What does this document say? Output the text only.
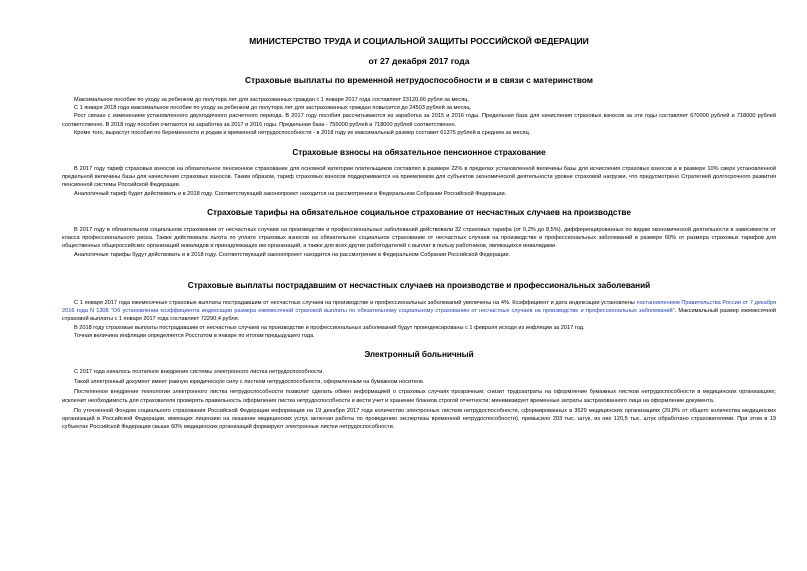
МИНИСТЕРСТВО ТРУДА И СОЦИАЛЬНОЙ ЗАЩИТЫ РОССИЙСКОЙ ФЕДЕРАЦИИ
от 27 декабря 2017 года
Страховые выплаты по временной нетрудоспособности и в связи с материнством

Максимальное пособие по уходу за ребенком до полутора лет для застрахованных граждан с 1 января 2017 года составляет 23120,66 рубля за месяц.

С 1 января 2018 года максимальное пособие по уходу за ребенком до полутора лет для застрахованных граждан повысится до 24503 рублей за месяц.

Рост связан с изменением установленного двухгодичного расчетного периода. В 2017 году пособия рассчитываются из заработка за 2015 и 2016 годы. Предельная база для начисления страховых взносов за эти годы составляет 670000 рублей и 718000 рублей соответственно. В 2018 году пособия считаются из заработка за 2017 и 2016 годы. Предельная база - 755000 рублей и 718000 рублей соответственно.

Кроме того, вырастут пособия по беременности и родам и временной нетрудоспособности - в 2018 году их максимальный размер составит 61375 рублей в среднем за месяц.

Страховые взносы на обязательное пенсионное страхование

В 2017 году тариф страховых взносов на обязательное пенсионное страхование для основной категории плательщиков составлял в размере 22% в пределах установленной величины базы для исчисления страховых взносов и в размере 10% сверх установленной предельной величины базы для начисления страховых взносов. Таким образом, тариф страховых взносов поддерживается на приемлемом для субъектов экономической деятельности уровне страховой нагрузки, что предусмотрено Стратегией долгосрочного развития пенсионной системы Российской Федерации.

Аналогичный тариф будет действовать и в 2018 году. Соответствующий законопроект находится на рассмотрении в Федеральном Собрании Российской Федерации.

Страховые тарифы на обязательное социальное страхование от несчастных случаев на производстве

В 2017 году в обязательном социальном страховании от несчастных случаев на производстве и профессиональных заболеваний действовали 32 страховых тарифа (от 0,2% до 8,5%), дифференцированных по видам экономической деятельности в зависимости от класса профессионального риска. Также действовала льгота по уплате страховых взносов на обязательное социальное страхование от несчастных случаев на производстве и профессиональных заболеваний в размере 60% от размера страховых тарифов для общественных общероссийских организаций инвалидов и принадлежащих им организаций, а также для всех других работодателей с выплат в пользу работников, являющихся инвалидами.

Аналогичные тарифы будут действовать и в 2018 году. Соответствующий законопроект находится на рассмотрении в Федеральном Собрании Российской Федерации.

Страховые выплаты пострадавшим от несчастных случаев на производстве и профессиональных заболеваний

С 1 января 2017 года ежемесячные страховые выплаты пострадавшим от несчастных случаев на производстве и профессиональных заболеваний увеличены на 4%. Коэффициент и дата индексации установлены постановлением Правительства России от 7 декабря 2016 года N 1308 "Об установлении коэффициента индексации размера ежемесячной страховой выплаты по обязательному социальному страхованию от несчастных случаев на производстве и профессиональных заболеваний". Максимальный размер ежемесячной страховой выплаты с 1 января 2017 года составляет 72290,4 рубля.

В 2018 году страховые выплаты пострадавшим от несчастных случаев на производстве и профессиональных заболеваний будут проиндексированы с 1 февраля исходя из инфляции за 2017 год.

Точная величина инфляции определяется Росстатом в январе по итогам предыдущего года.

Электронный больничный

С 2017 года началось поэтапное внедрение системы электронного листка нетрудоспособности.

Такой электронный документ имеет равную юридическую силу с листком нетрудоспособности, оформленным на бумажном носителе.

Постепенное внедрение технологии электронного листка нетрудоспособности позволит сделать обмен информацией о страховых случаях прозрачным; снизит трудозатраты на оформление бумажных листков нетрудоспособности в медицинских организациях; исключит необходимость для страхователя проверять правильность оформления листка нетрудоспособности и вести учет и хранение бланков строгой отчетности; минимизирует временные затраты застрахованного лица на оформление документа.

По уточненной Фондом социального страхования Российской Федерации информации на 19 декабря 2017 года количество электронных листков нетрудоспособности, сформированных в 3529 медицинских организациях (29,8% от общего количества медицинских организаций в Российской Федерации, имеющих лицензию на оказание медицинских услуг, включая работы по проведению экспертизы временной нетрудоспособности), превысило 203 тыс. штук, из них 120,5 тыс. штук обработано страхователями. При этом в 19 субъектах Российской Федерации свыше 60% медицинских организаций формируют электронные листки нетрудоспособности.
